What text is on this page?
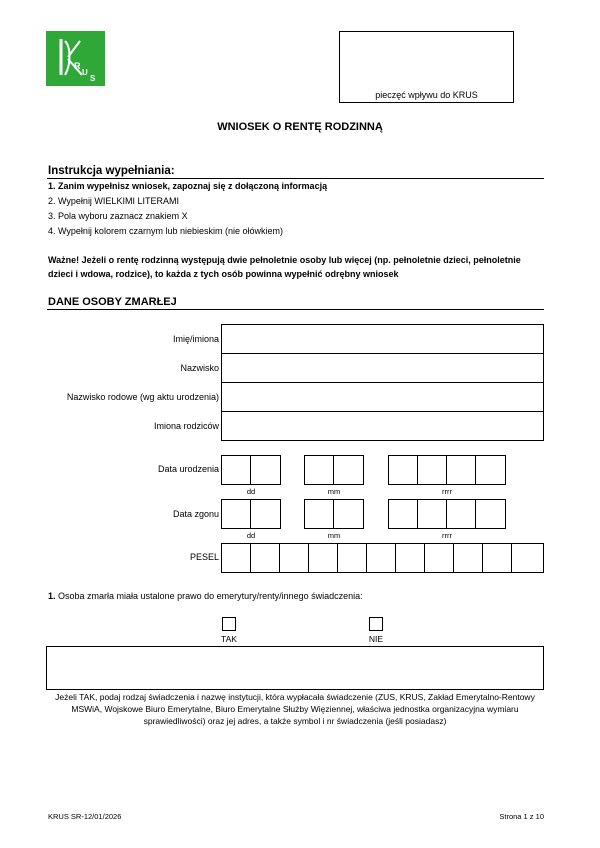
R
U
S
pieczęć wpływu do KRUS
WNIOSEK O RENTĘ RODZINNĄ
Instrukcja wypełniania:
1. Zanim wypełnisz wniosek, zapoznaj się z dołączoną informacją
2. Wypełnij WIELKIMI LITERAMI
3. Pola wyboru zaznacz znakiem X
4. Wypełnij kolorem czarnym lub niebieskim (nie ołówkiem)
Ważne! Jeżeli o rentę rodzinną występują dwie pełnoletnie osoby lub więcej (np. pełnoletnie dzieci, pełnoletnie dzieci i wdowa, rodzice), to każda z tych osób powinna wypełnić odrębny wniosek
DANE OSOBY ZMARŁEJ
Imię/imiona
Nazwisko
Nazwisko rodowe (wg aktu urodzenia)
Imiona rodziców
Data urodzenia
dd	mm	rrrr
Data zgonu
dd	mm	rrrr
PESEL
1. Osoba zmarła miała ustalone prawo do emerytury/renty/innego świadczenia:
TAK	NIE
Jeżeli TAK, podaj rodzaj świadczenia i nazwę instytucji, która wypłacała świadczenie (ZUS, KRUS, Zakład Emerytalno-Rentowy MSWiA, Wojskowe Biuro Emerytalne, Biuro Emerytalne Służby Więziennej, właściwa jednostka organizacyjna wymiaru sprawiedliwości) oraz jej adres, a także symbol i nr świadczenia (jeśli posiadasz)
KRUS SR-12/01/2026	Strona 1 z 10
